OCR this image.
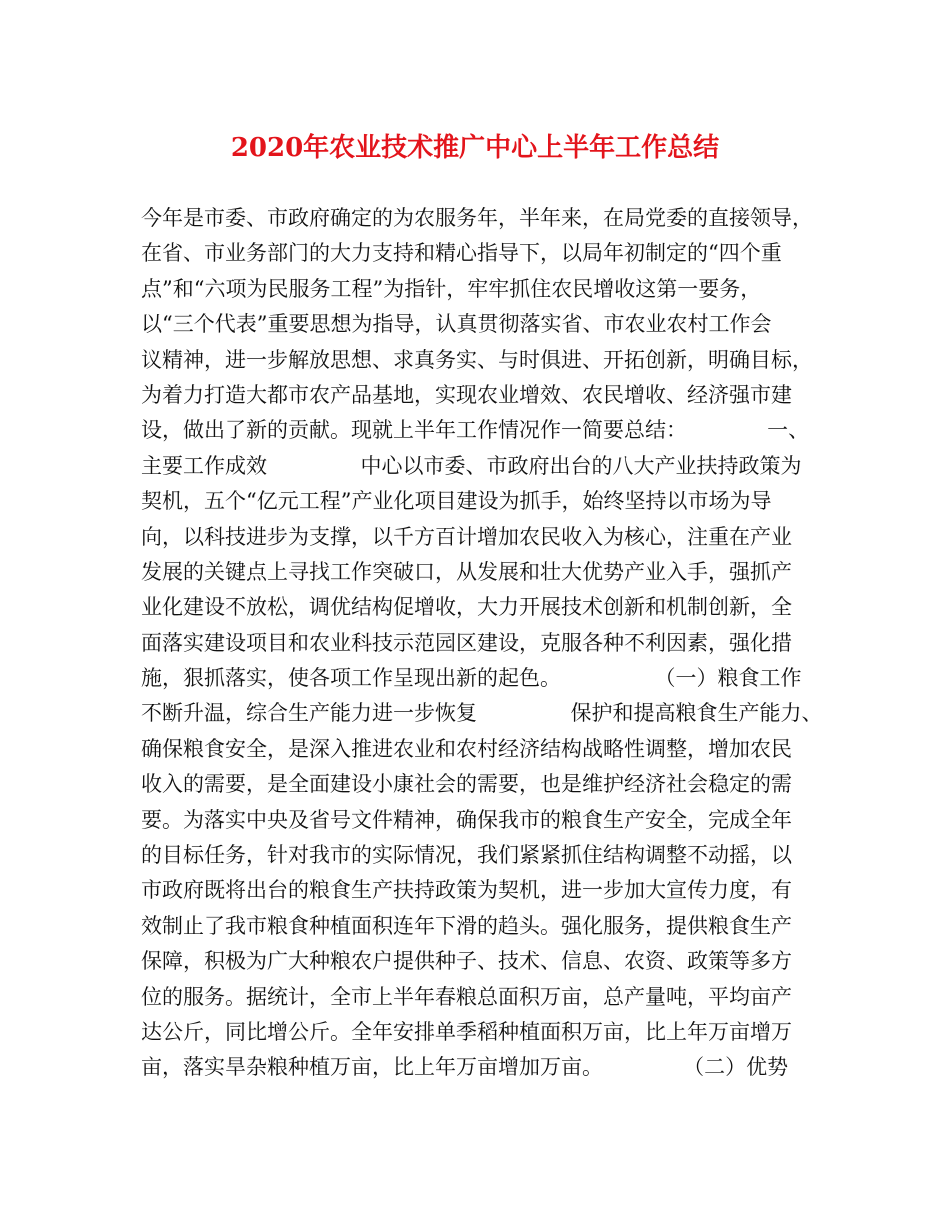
2020年农业技术推广中心上半年工作总结
今年是市委、市政府确定的为农服务年，半年来，在局党委的直接领导，
在省、市业务部门的大力支持和精心指导下，以局年初制定的“四个重
点”和“六项为民服务工程”为指针，牢牢抓住农民增收这第一要务，
以“三个代表”重要思想为指导，认真贯彻落实省、市农业农村工作会
议精神，进一步解放思想、求真务实、与时俱进、开拓创新，明确目标，
为着力打造大都市农产品基地，实现农业增效、农民增收、经济强市建
设，做出了新的贡献。现就上半年工作情况作一简要总结：            一、
主要工作成效              中心以市委、市政府出台的八大产业扶持政策为
契机，五个“亿元工程”产业化项目建设为抓手，始终坚持以市场为导
向，以科技进步为支撑，以千方百计增加农民收入为核心，注重在产业
发展的关键点上寻找工作突破口，从发展和壮大优势产业入手，强抓产
业化建设不放松，调优结构促增收，大力开展技术创新和机制创新，全
面落实建设项目和农业科技示范园区建设，克服各种不利因素，强化措
施，狠抓落实，使各项工作呈现出新的起色。              （一）粮食工作
不断升温，综合生产能力进一步恢复              保护和提高粮食生产能力、
确保粮食安全，是深入推进农业和农村经济结构战略性调整，增加农民
收入的需要，是全面建设小康社会的需要，也是维护经济社会稳定的需
要。为落实中央及省号文件精神，确保我市的粮食生产安全，完成全年
的目标任务，针对我市的实际情况，我们紧紧抓住结构调整不动摇，以
市政府既将出台的粮食生产扶持政策为契机，进一步加大宣传力度，有
效制止了我市粮食种植面积连年下滑的趋头。强化服务，提供粮食生产
保障，积极为广大种粮农户提供种子、技术、信息、农资、政策等多方
位的服务。据统计，全市上半年春粮总面积万亩，总产量吨，平均亩产
达公斤，同比增公斤。全年安排单季稻种植面积万亩，比上年万亩增万
亩，落实旱杂粮种植万亩，比上年万亩增加万亩。            （二）优势
